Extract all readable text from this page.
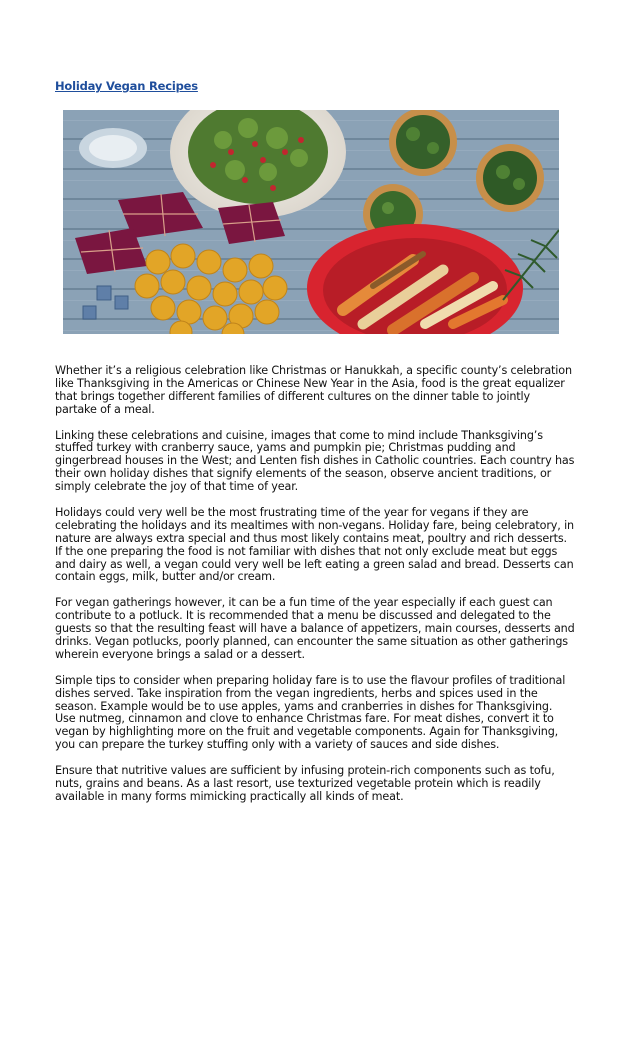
Holiday Vegan Recipes

Whether it’s a religious celebration like Christmas or Hanukkah, a specific county’s celebration like Thanksgiving in the Americas or Chinese New Year in the Asia, food is the great equalizer that brings together different families of different cultures on the dinner table to jointly partake of a meal.

Linking these celebrations and cuisine, images that come to mind include Thanksgiving’s stuffed turkey with cranberry sauce, yams and pumpkin pie; Christmas pudding and gingerbread houses in the West; and Lenten fish dishes in Catholic countries. Each country has their own holiday dishes that signify elements of the season, observe ancient traditions, or simply celebrate the joy of that time of year.

Holidays could very well be the most frustrating time of the year for vegans if they are celebrating the holidays and its mealtimes with non-vegans. Holiday fare, being celebratory, in nature are always extra special and thus most likely contains meat, poultry and rich desserts. If the one preparing the food is not familiar with dishes that not only exclude meat but eggs and dairy as well, a vegan could very well be left eating a green salad and bread. Desserts can contain eggs, milk, butter and/or cream.

For vegan gatherings however, it can be a fun time of the year especially if each guest can contribute to a potluck. It is recommended that a menu be discussed and delegated to the guests so that the resulting feast will have a balance of appetizers, main courses, desserts and drinks. Vegan potlucks, poorly planned, can encounter the same situation as other gatherings wherein everyone brings a salad or a dessert.

Simple tips to consider when preparing holiday fare is to use the flavour profiles of traditional dishes served. Take inspiration from the vegan ingredients, herbs and spices used in the season. Example would be to use apples, yams and cranberries in dishes for Thanksgiving. Use nutmeg, cinnamon and clove to enhance Christmas fare. For meat dishes, convert it to vegan by highlighting more on the fruit and vegetable components. Again for Thanksgiving, you can prepare the turkey stuffing only with a variety of sauces and side dishes.

Ensure that nutritive values are sufficient by infusing protein-rich components such as tofu, nuts, grains and beans. As a last resort, use texturized vegetable protein which is readily available in many forms mimicking practically all kinds of meat.
